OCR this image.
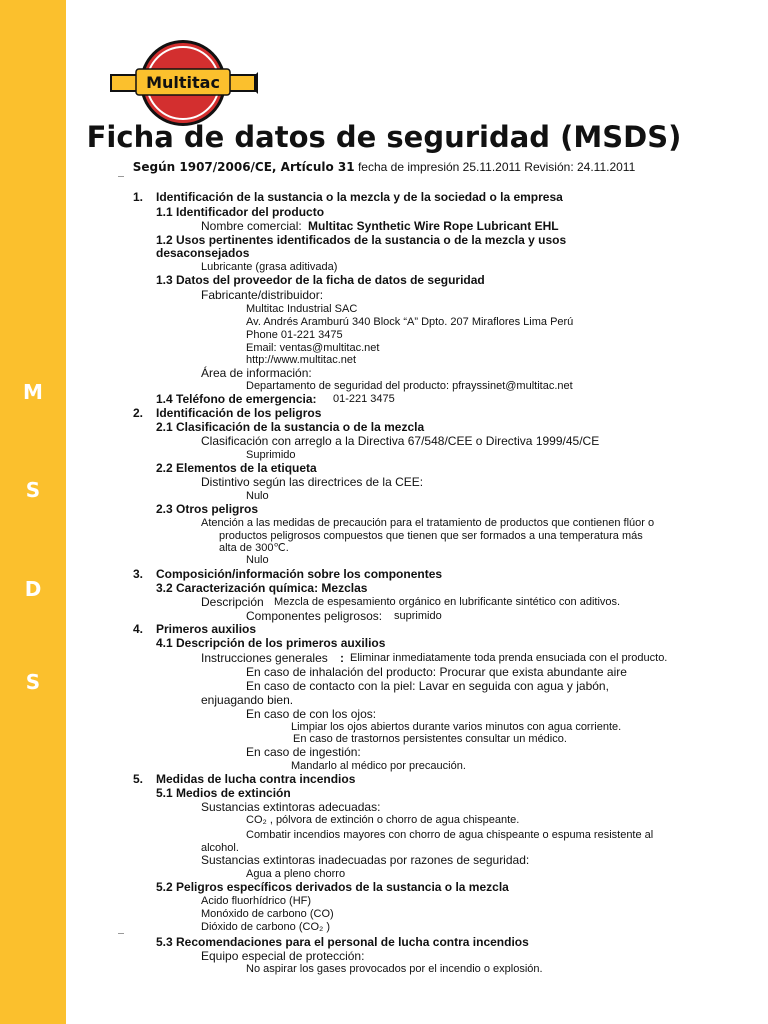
M
S
D
S
Multitac
Ficha de datos de seguridad (MSDS)
Según 1907/2006/CE, Artículo 31 fecha de impresión 25.11.2011 Revisión: 24.11.2011
1. Identificación de la sustancia o la mezcla y de la sociedad o la empresa
1.1 Identificador del producto
Nombre comercial: Multitac Synthetic Wire Rope Lubricant EHL
1.2 Usos pertinentes identificados de la sustancia o de la mezcla y usos
desaconsejados
Lubricante (grasa aditivada)
1.3 Datos del proveedor de la ficha de datos de seguridad
Fabricante/distribuidor:
Multitac Industrial SAC
Av. Andrés Aramburú 340 Block “A” Dpto. 207 Miraflores Lima Perú
Phone 01-221 3475
Email: ventas@multitac.net
http://www.multitac.net
Área de información:
Departamento de seguridad del producto: pfrayssinet@multitac.net
1.4 Teléfono de emergencia: 01-221 3475
2. Identificación de los peligros
2.1 Clasificación de la sustancia o de la mezcla
Clasificación con arreglo a la Directiva 67/548/CEE o Directiva 1999/45/CE
Suprimido
2.2 Elementos de la etiqueta
Distintivo según las directrices de la CEE:
Nulo
2.3 Otros peligros
Atención a las medidas de precaución para el tratamiento de productos que contienen flúor o
productos peligrosos compuestos que tienen que ser formados a una temperatura más
alta de 300℃.
Nulo
3. Composición/información sobre los componentes
3.2 Caracterización química: Mezclas
Descripción Mezcla de espesamiento orgánico en lubrificante sintético con aditivos.
Componentes peligrosos: suprimido
4. Primeros auxilios
4.1 Descripción de los primeros auxilios
Instrucciones generales : Eliminar inmediatamente toda prenda ensuciada con el producto.
En caso de inhalación del producto: Procurar que exista abundante aire
En caso de contacto con la piel: Lavar en seguida con agua y jabón,
enjuagando bien.
En caso de con los ojos:
Limpiar los ojos abiertos durante varios minutos con agua corriente.
En caso de trastornos persistentes consultar un médico.
En caso de ingestión:
Mandarlo al médico por precaución.
5. Medidas de lucha contra incendios
5.1 Medios de extinción
Sustancias extintoras adecuadas:
CO₂ , pólvora de extinción o chorro de agua chispeante.
Combatir incendios mayores con chorro de agua chispeante o espuma resistente al
alcohol.
Sustancias extintoras inadecuadas por razones de seguridad:
Agua a pleno chorro
5.2 Peligros específicos derivados de la sustancia o la mezcla
Acido fluorhídrico (HF)
Monóxido de carbono (CO)
Dióxido de carbono (CO₂ )
5.3 Recomendaciones para el personal de lucha contra incendios
Equipo especial de protección:
No aspirar los gases provocados por el incendio o explosión.
